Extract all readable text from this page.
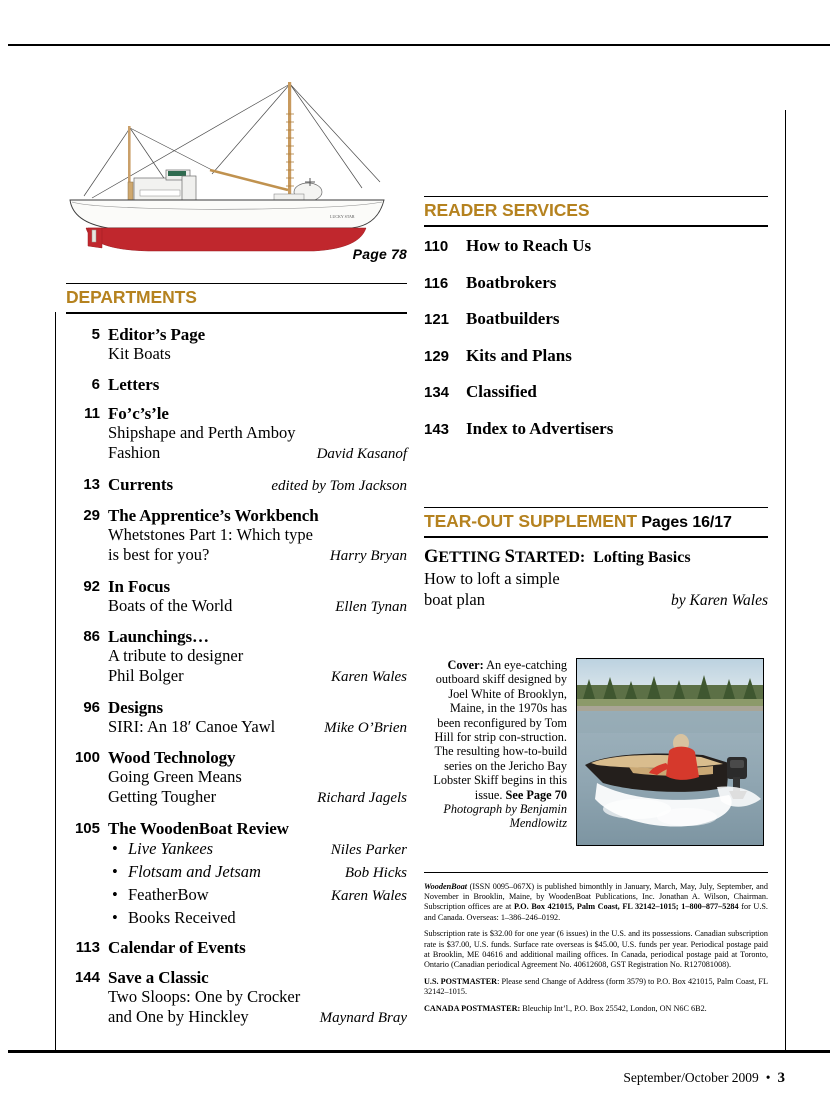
LUCKY STAR
Page 78
DEPARTMENTS
5 Editor’s Page
Kit Boats
6 Letters
11 Fo’c’s’le
Shipshape and Perth Amboy
Fashion	David Kasanof
13 Currents	edited by Tom Jackson
29 The Apprentice’s Workbench
Whetstones Part 1: Which type
is best for you?	Harry Bryan
92 In Focus
Boats of the World	Ellen Tynan
86 Launchings…
A tribute to designer
Phil Bolger	Karen Wales
96 Designs
SIRI: An 18′ Canoe Yawl	Mike O’Brien
100 Wood Technology
Going Green Means
Getting Tougher	Richard Jagels
105 The WoodenBoat Review
• Live Yankees	Niles Parker
• Flotsam and Jetsam	Bob Hicks
• FeatherBow	Karen Wales
• Books Received
113 Calendar of Events
144 Save a Classic
Two Sloops: One by Crocker
and One by Hinckley	Maynard Bray
READER SERVICES
110	How to Reach Us
116	Boatbrokers
121 Boatbuilders
129 Kits and Plans
134 Classified
143 Index to Advertisers
TEAR-OUT SUPPLEMENT Pages 16/17
GETTING STARTED: Lofting Basics
How to loft a simple
boat plan	by Karen Wales
Cover: An eye-catching outboard skiff designed by Joel White of Brooklyn, Maine, in the 1970s has been reconfigured by Tom Hill for strip con-struction. The resulting how-to-build series on the Jericho Bay Lobster Skiff begins in this issue. See Page 70 Photograph by Benjamin Mendlowitz

WoodenBoat (ISSN 0095–067X) is published bimonthly in January, March, May, July, September, and November in Brooklin, Maine, by WoodenBoat Publications, Inc. Jonathan A. Wilson, Chairman. Subscription offices are at P.O. Box 421015, Palm Coast, FL 32142–1015; 1–800–877–5284 for U.S. and Canada. Overseas: 1–386–246–0192.

Subscription rate is $32.00 for one year (6 issues) in the U.S. and its possessions. Canadian subscription rate is $37.00, U.S. funds. Surface rate overseas is $45.00, U.S. funds per year. Periodical postage paid at Brooklin, ME 04616 and additional mailing offices. In Canada, periodical postage paid at Toronto, Ontario (Canadian periodical Agreement No. 40612608, GST Registration No. R127081008).

U.S. POSTMASTER: Please send Change of Address (form 3579) to P.O. Box 421015, Palm Coast, FL 32142–1015.

CANADA POSTMASTER: Bleuchip Int’l., P.O. Box 25542, London, ON N6C 6B2.

September/October 2009 • 3
